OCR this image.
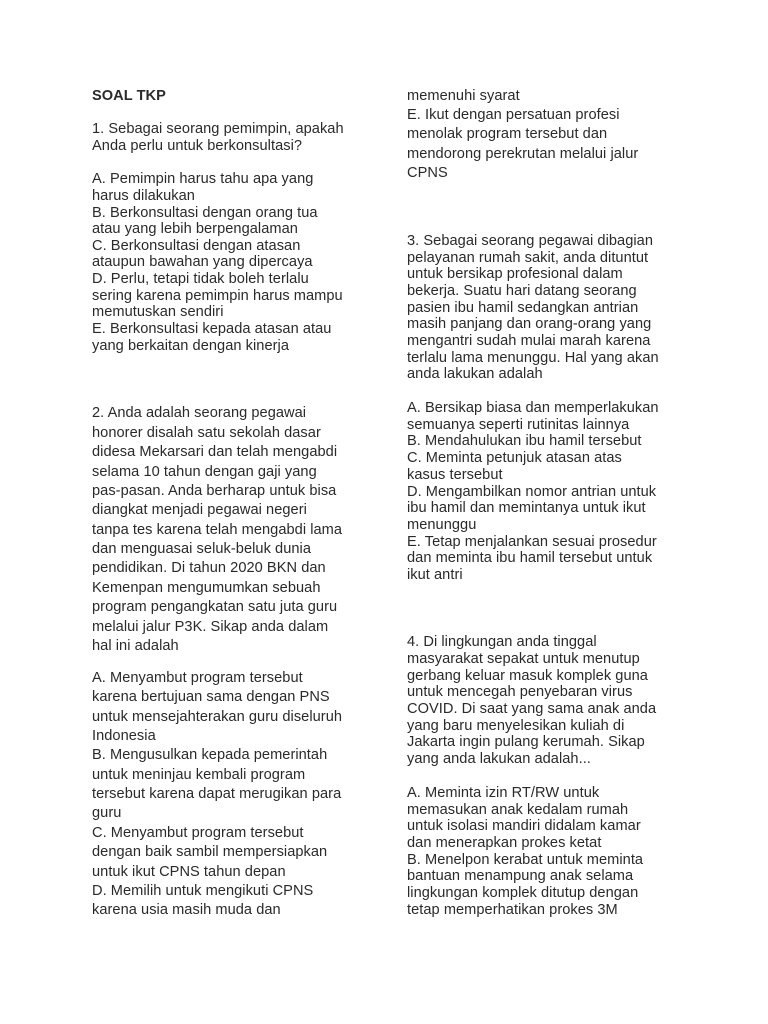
SOAL TKP
1. Sebagai seorang pemimpin, apakah
Anda perlu untuk berkonsultasi?
A. Pemimpin harus tahu apa yang
harus dilakukan
B. Berkonsultasi dengan orang tua
atau yang lebih berpengalaman
C. Berkonsultasi dengan atasan
ataupun bawahan yang dipercaya
D. Perlu, tetapi tidak boleh terlalu
sering karena pemimpin harus mampu
memutuskan sendiri
E. Berkonsultasi kepada atasan atau
yang berkaitan dengan kinerja
2. Anda adalah seorang pegawai
honorer disalah satu sekolah dasar
didesa Mekarsari dan telah mengabdi
selama 10 tahun dengan gaji yang
pas-pasan. Anda berharap untuk bisa
diangkat menjadi pegawai negeri
tanpa tes karena telah mengabdi lama
dan menguasai seluk-beluk dunia
pendidikan. Di tahun 2020 BKN dan
Kemenpan mengumumkan sebuah
program pengangkatan satu juta guru
melalui jalur P3K. Sikap anda dalam
hal ini adalah
A. Menyambut program tersebut
karena bertujuan sama dengan PNS
untuk mensejahterakan guru diseluruh
Indonesia
B. Mengusulkan kepada pemerintah
untuk meninjau kembali program
tersebut karena dapat merugikan para
guru
C. Menyambut program tersebut
dengan baik sambil mempersiapkan
untuk ikut CPNS tahun depan
D. Memilih untuk mengikuti CPNS
karena usia masih muda dan
memenuhi syarat
E. Ikut dengan persatuan profesi
menolak program tersebut dan
mendorong perekrutan melalui jalur
CPNS
3. Sebagai seorang pegawai dibagian
pelayanan rumah sakit, anda dituntut
untuk bersikap profesional dalam
bekerja. Suatu hari datang seorang
pasien ibu hamil sedangkan antrian
masih panjang dan orang-orang yang
mengantri sudah mulai marah karena
terlalu lama menunggu. Hal yang akan
anda lakukan adalah
A. Bersikap biasa dan memperlakukan
semuanya seperti rutinitas lainnya
B. Mendahulukan ibu hamil tersebut
C. Meminta petunjuk atasan atas
kasus tersebut
D. Mengambilkan nomor antrian untuk
ibu hamil dan memintanya untuk ikut
menunggu
E. Tetap menjalankan sesuai prosedur
dan meminta ibu hamil tersebut untuk
ikut antri
4. Di lingkungan anda tinggal
masyarakat sepakat untuk menutup
gerbang keluar masuk komplek guna
untuk mencegah penyebaran virus
COVID. Di saat yang sama anak anda
yang baru menyelesikan kuliah di
Jakarta ingin pulang kerumah. Sikap
yang anda lakukan adalah...
A. Meminta izin RT/RW untuk
memasukan anak kedalam rumah
untuk isolasi mandiri didalam kamar
dan menerapkan prokes ketat
B. Menelpon kerabat untuk meminta
bantuan menampung anak selama
lingkungan komplek ditutup dengan
tetap memperhatikan prokes 3M
